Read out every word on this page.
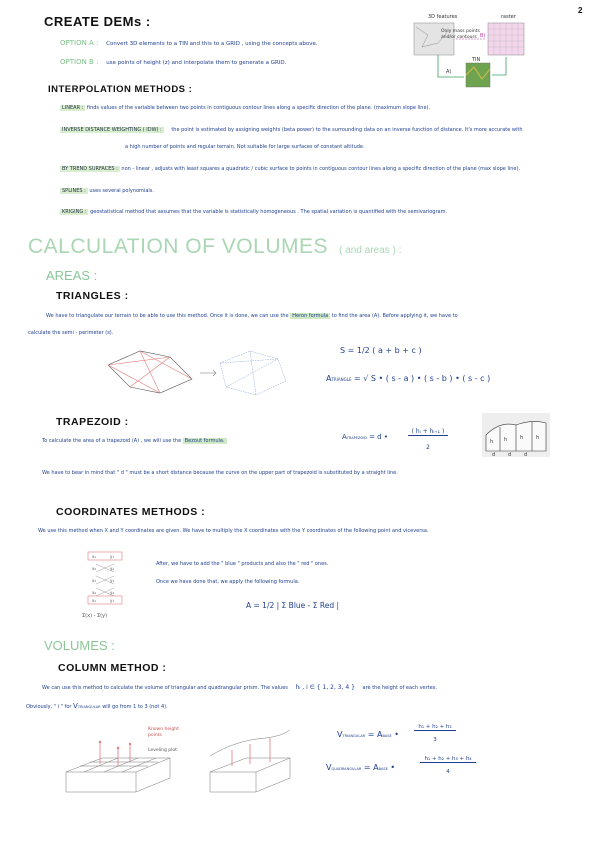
2
CREATE DEMs :
OPTION A : Convert 3D elements to a TIN and this to a GRID , using the concepts above.
OPTION B : use points of height (z) and interpolate them to generate a GRID.
3D features
Only mass points and/or contours
raster
TIN
A)
B)
INTERPOLATION METHODS :
LINEAR : finds values of the variable between two points in contiguous contour lines along a specific direction of the plane. (maximum slope line).
INVERSE DISTANCE WEIGHTING ( IDW) : the point is estimated by assigning weights (beta power) to the surrounding data on an inverse function of distance. It's more accurate with
a high number of points and regular terrain. Not suitable for large surfaces of constant altitude.
BY TREND SURFACES : non - linear , adjusts with least squares a quadratic / cubic surface to points in contiguous contour lines along a specific direction of the plane (max slope line).
SPLINES : uses several polynomials.
KRIGING : geostatistical method that assumes that the variable is statistically homogeneous . The spatial variation is quantified with the semivariogram.
CALCULATION OF VOLUMES ( and areas ) :
AREAS :
TRIANGLES :
We have to triangulate our terrain to be able to use this method. Once it is done, we can use the Heron formula to find the area (A). Before applying it, we have to
calculate the semi - perimeter (s).
S = 1/2 ( a + b + c )
ATRIANGLE = √ S • ( s - a ) • ( s - b ) • ( s - c )
TRAPEZOID :
To calculate the area of a trapezoid (A) , we will use the Bezout formula.	ATRAPEZOID = d •
( hᵢ + hᵢ₊₁ )
2
h h	h	h
d	d	d
We have to bear in mind that " d " must be a short distance because the curve on the upper part of trapezoid is substituted by a straight line.
COORDINATES METHODS :
We use this method when X and Y coordinates are given. We have to multiply the X coordinates with the Y coordinates of the following point and viceversa.
x₁	y₁
x₂	y₂
x₃	y₃
x₄	y₄
x₁	y₁
Σ(x) - Σ(y)
After, we have to add the " blue " products and also the " red " ones.
Once we have done that, we apply the following formula.
A = 1/2 | Σ Blue - Σ Red |
VOLUMES :
COLUMN METHOD :
We can use this method to calculate the volume of triangular and quadrangular prism. The values hᵢ , i ∈ { 1, 2, 3, 4 } are the height of each vertex.
Obviously, " i " for VTRIANGULAR will go from 1 to 3 (not 4).
Known height points
Leveling plot
VTRIANGULAR = ABASE •
h₁ + h₂ + h₃
3
VQUADRANGULAR = ABASE •
h₁ + h₂ + h₃ + h₄
4
